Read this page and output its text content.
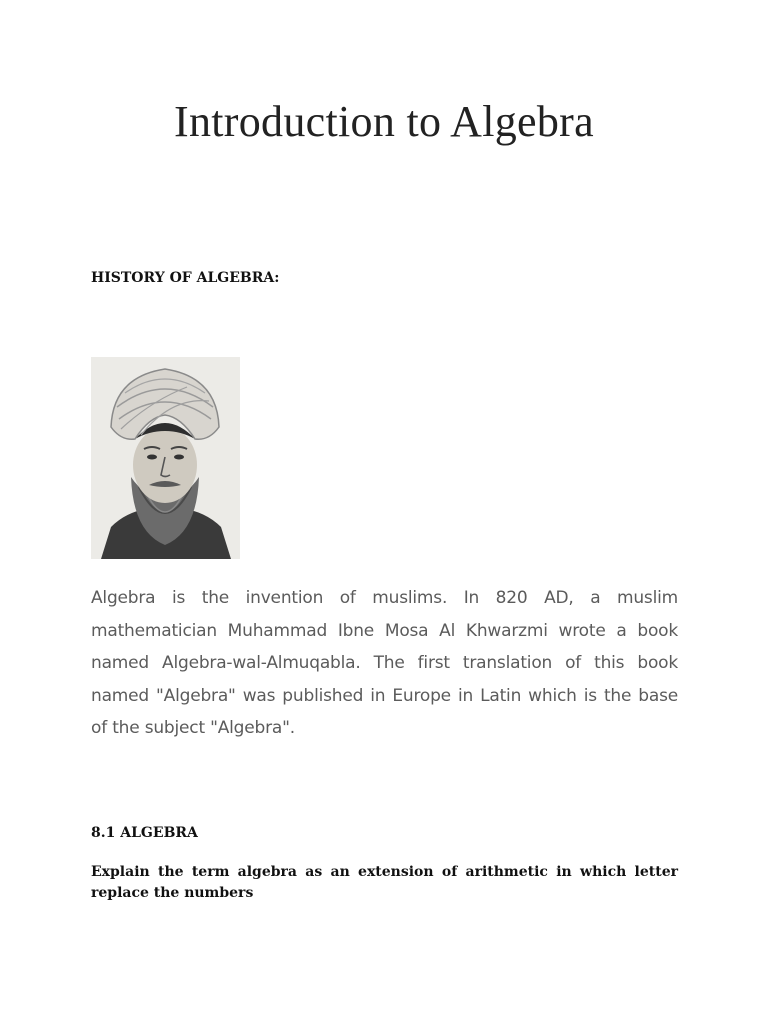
Introduction to Algebra
HISTORY OF ALGEBRA:

Algebra is the invention of muslims. In 820 AD, a muslim mathematician Muhammad Ibne Mosa Al Khwarzmi wrote a book named Algebra-wal-Almuqabla. The first translation of this book named "Algebra" was published in Europe in Latin which is the base of the subject "Algebra".

8.1 ALGEBRA

Explain the term algebra as an extension of arithmetic in which letter replace the numbers
